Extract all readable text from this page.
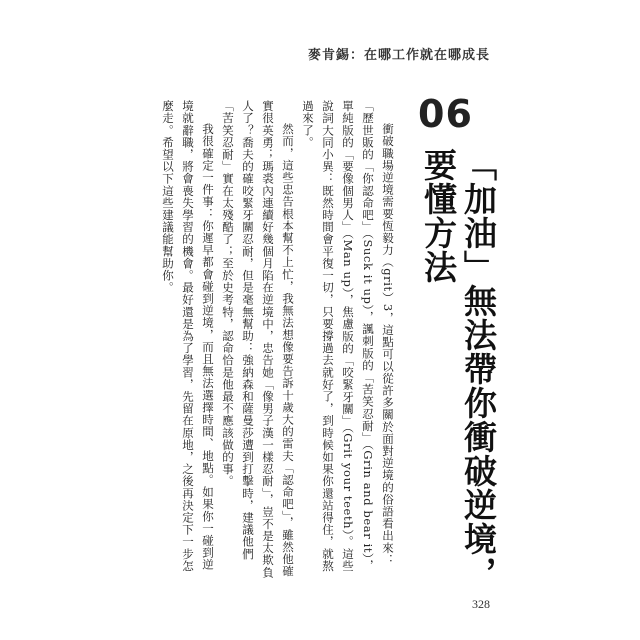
麥肯錫：在哪工作就在哪成長
06
「加油」無法帶你衝破逆境，要懂方法

衝破職場逆境需要恆毅力（grit）3，這點可以從許多關於面對逆境的俗語看出來：「歷世販的「你認命吧」（Suck it up），諷刺版的「苦笑忍耐」（Grin and bear it），單純版的「要像個男人」（Man up），焦慮版的「咬緊牙關」（Grit your teeth）。這些說詞大同小異：既然時間會平復一切，只要撐過去就好了，到時候如果你還站得住，就熬過來了。

然而，這些忠告根本幫不上忙，我無法想像要告訴十歲大的雷夫「認命吧」，雖然他確實很英勇；瑪裘內連續好幾個月陷在逆境中，忠告她「像男子漢一樣忍耐」，豈不是太欺負人了？喬夫的確咬緊牙關忍耐，但是毫無幫助：強納森和薩曼莎遭到打擊時，建議他們「苦笑忍耐」實在太殘酷了；至於史考特，認命恰是他最不應該做的事。

我很確定一件事：你遲早都會碰到逆境，而且無法選擇時間、地點。如果你一碰到逆境就辭職，將會喪失學習的機會。最好還是為了學習，先留在原地，之後再決定下一步怎麼走。希望以下這些建議能幫助你。

328
